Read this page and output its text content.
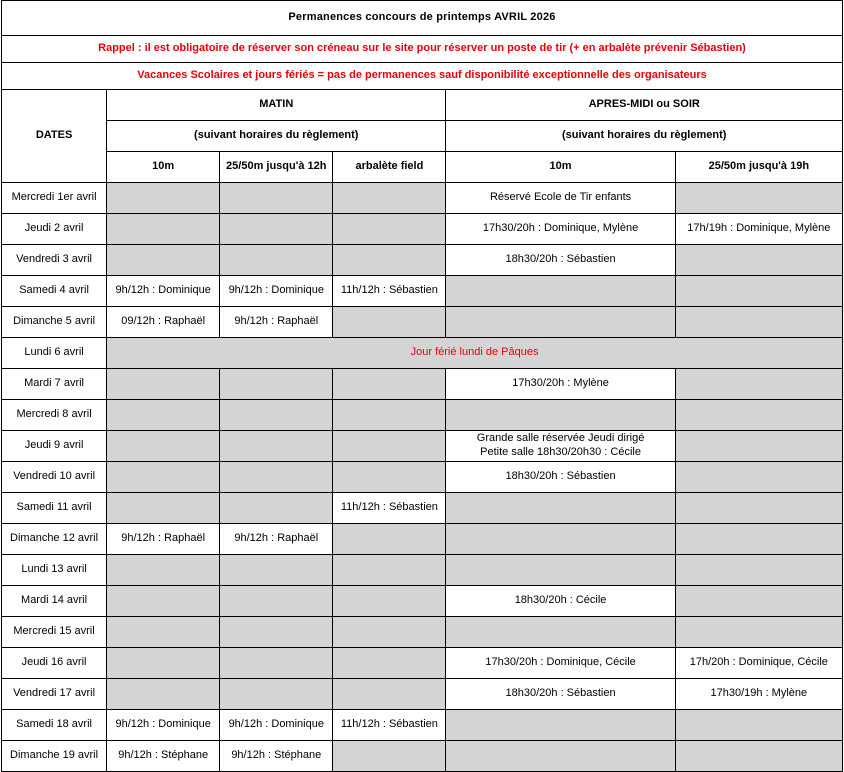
Permanences concours de printemps AVRIL 2026					
Rappel : il est obligatoire de réserver son créneau sur le site pour réserver un poste de tir (+ en arbalète prévenir Sébastien)					
Vacances Scolaires et jours fériés = pas de permanences sauf disponibilité exceptionnelle des organisateurs					
DATES	MATIN			APRES-MIDI ou SOIR	
	(suivant horaires du règlement)			(suivant horaires du règlement)	
	10m	25/50m jusqu'à 12h	arbalète field	10m	25/50m jusqu'à 19h
Mercredi 1er avril				Réservé Ecole de Tir enfants	
Jeudi 2 avril				17h30/20h : Dominique, Mylène	17h/19h : Dominique, Mylène
Vendredi 3 avril				18h30/20h : Sébastien	
Samedi 4 avril	9h/12h : Dominique	9h/12h : Dominique	11h/12h : Sébastien		
Dimanche 5 avril	09/12h : Raphaël	9h/12h : Raphaël			
Lundi 6 avril	Jour férié lundi de Pâques				
Mardi 7 avril				17h30/20h : Mylène	
Mercredi 8 avril					
Jeudi 9 avril				Grande salle réservée Jeudi dirigé
Petite salle 18h30/20h30 : Cécile	

Vendredi 10 avril				18h30/20h : Sébastien	
Samedi 11 avril			11h/12h : Sébastien		
Dimanche 12 avril	9h/12h : Raphaël	9h/12h : Raphaël			
Lundi 13 avril					
Mardi 14 avril				18h30/20h : Cécile	
Mercredi 15 avril					
Jeudi 16 avril				17h30/20h : Dominique, Cécile	17h/20h : Dominique, Cécile
Vendredi 17 avril				18h30/20h : Sébastien	17h30/19h : Mylène
Samedi 18 avril	9h/12h : Dominique	9h/12h : Dominique	11h/12h : Sébastien		
Dimanche 19 avril	9h/12h : Stéphane	9h/12h : Stéphane			
